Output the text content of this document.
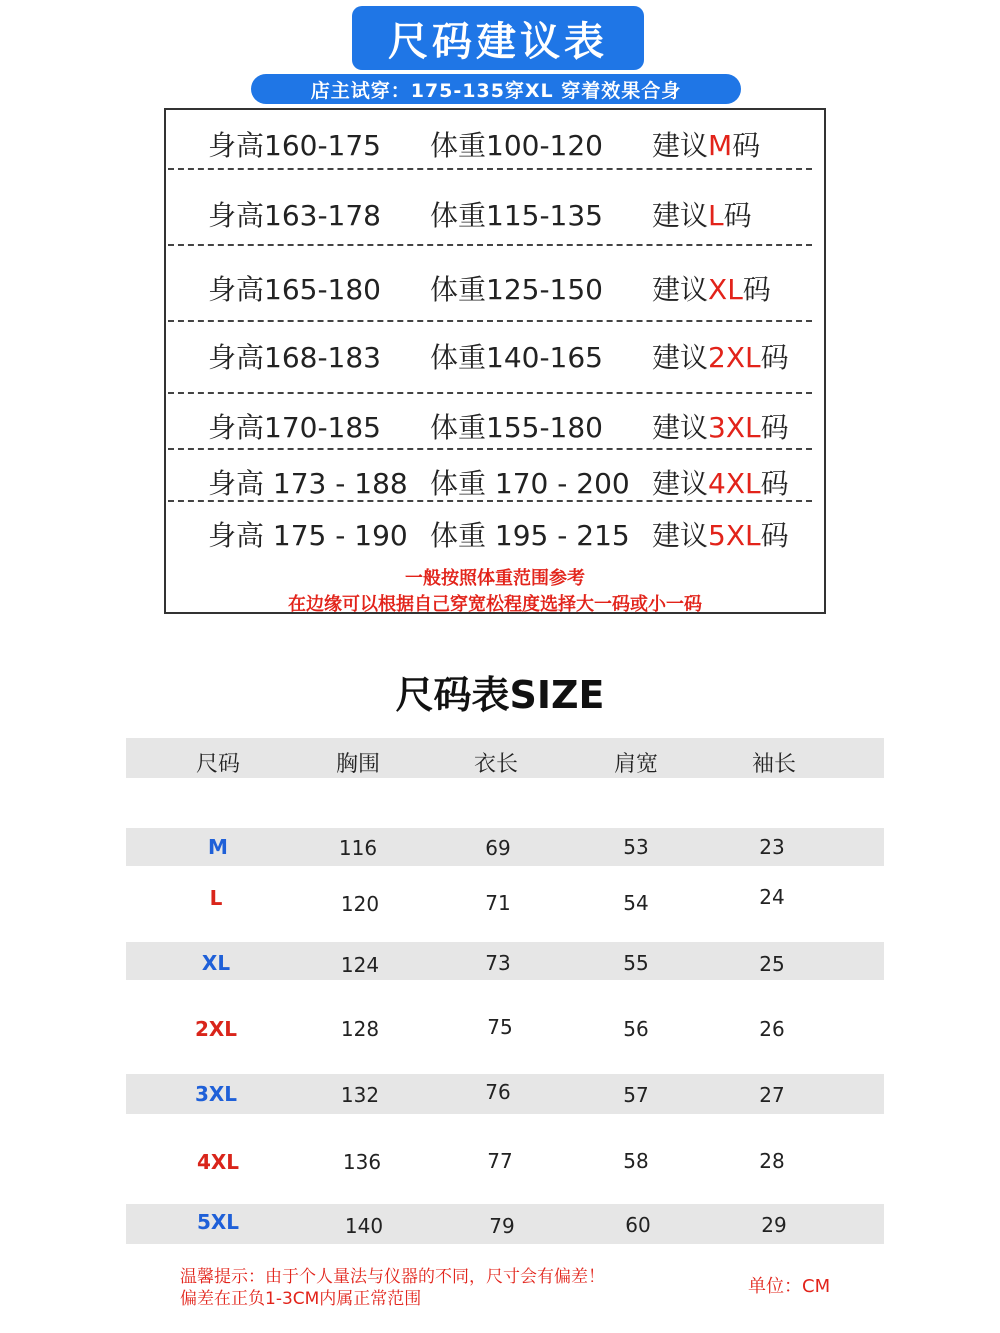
尺码建议表
店主试穿：175-135穿XL 穿着效果合身
身高160-175 体重100-120 建议M码
身高163-178 体重115-135 建议L码
身高165-180 体重125-150 建议XL码
身高168-183 体重140-165 建议2XL码
身高170-185 体重155-180 建议3XL码
身高 173 - 188 体重 170 - 200 建议4XL码
身高 175 - 190 体重 195 - 215 建议5XL码
一般按照体重范围参考
在边缘可以根据自己穿宽松程度选择大一码或小一码
尺码表SIZE
尺码	胸围	衣长	肩宽	袖长
M	116	69	53	23
L	120	71	54	24
XL	124	73	55	25
2XL	128	75	56	26
3XL	132	76	57	27
4XL	136	77	58	28
5XL	140	79	60	29
温馨提示：由于个人量法与仪器的不同，尺寸会有偏差！
偏差在正负1-3CM内属正常范围
单位：CM
